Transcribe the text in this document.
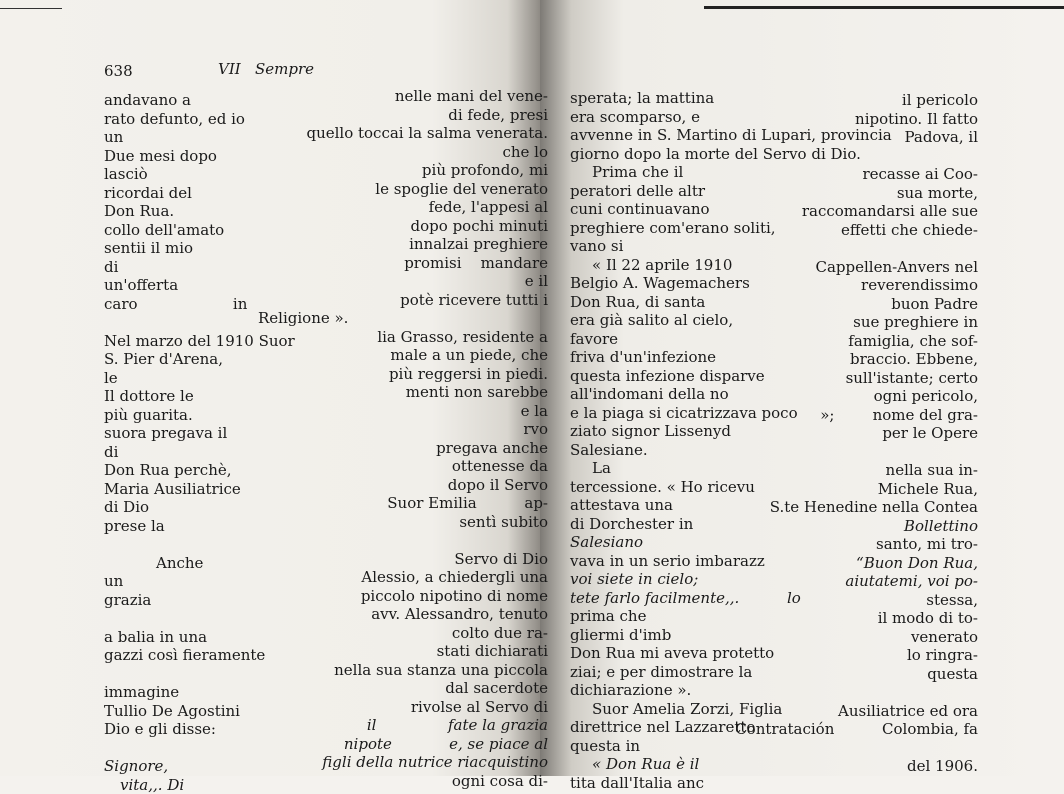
638	VII   Sempre
andavano a
rato defunto, ed io
un
Due mesi dopo
lasciò
ricordai del
Don Rua.
collo dell'amato
sentii il mio
di
un'offerta
caro                    in
Nel marzo del 1910 Suor
S. Pier d'Arena,
le
Il dottore le
più guarita.
suora pregava il
di
Don Rua perchè,
Maria Ausiliatrice
di Dio
prese la
Anche
un
grazia
a balia in una
gazzi così fieramente
immagine
Tullio De Agostini
Dio e gli disse:
Signore,
vita,,. Di
nelle mani del vene-
di fede, presi
quello toccai la salma venerata.
che lo
più profondo, mi
le spoglie del venerato
fede, l'appesi al
dopo pochi minuti
innalzai preghiere
promisi    mandare
e il
potè ricevere tutti i
Religione ».
lia Grasso, residente a
male a un piede, che
più reggersi in piedi.
menti non sarebbe
e la
rvo
pregava anche
ottenesse da
dopo il Servo
Suor Emilia          ap-
sentì subito
Servo di Dio
Alessio, a chiedergli una
piccolo nipotino di nome
avv. Alessandro, tenuto
colto due ra-
stati dichiarati
nella sua stanza una piccola
dal sacerdote
rivolse al Servo di
il               fate la grazia
nipote            e, se piace al
figli della nutrice riacquistino
ogni cosa di-
sperata; la mattina
era scomparso, e
avvenne in S. Martino di Lupari, provincia
giorno dopo la morte del Servo di Dio.
Prima che il
peratori delle altr
cuni continuavano
preghiere com'erano soliti,
vano si
« Il 22 aprile 1910
Belgio A. Wagemachers
Don Rua, di santa
era già salito al cielo,
favore
friva d'un'infezione
questa infezione disparve
all'indomani della no
e la piaga si cicatrizzava poco
ziato signor Lissenyd
Salesiane.
La
tercessione. « Ho ricevu
attestava una
di Dorchester in
Salesiano
vava in un serio imbarazz
voi siete in cielo;
tete farlo facilmente,,.          lo
prima che
gliermi d'imb
Don Rua mi aveva protetto
ziai; e per dimostrare la
dichiarazione ».
Suor Amelia Zorzi, Figlia
direttrice nel Lazzaretto
questa in
« Don Rua è il
tita dall'Italia anc
il pericolo
nipotino. Il fatto
Padova, il
recasse ai Coo-
sua morte,
raccomandarsi alle sue
effetti che chiede-
Cappellen-Anvers nel
reverendissimo
buon Padre
sue preghiere in
famiglia, che sof-
braccio. Ebbene,
sull'istante; certo
ogni pericolo,
»;        nome del gra-
per le Opere
nella sua in-
Michele Rua,
S.te Henedine nella Contea
Bollettino
santo, mi tro-
“Buon Don Rua,
aiutatemi, voi po-
stessa,
il modo di to-
venerato
lo ringra-
questa
Ausiliatrice ed ora
Contratación          Colombia, fa
del 1906.
